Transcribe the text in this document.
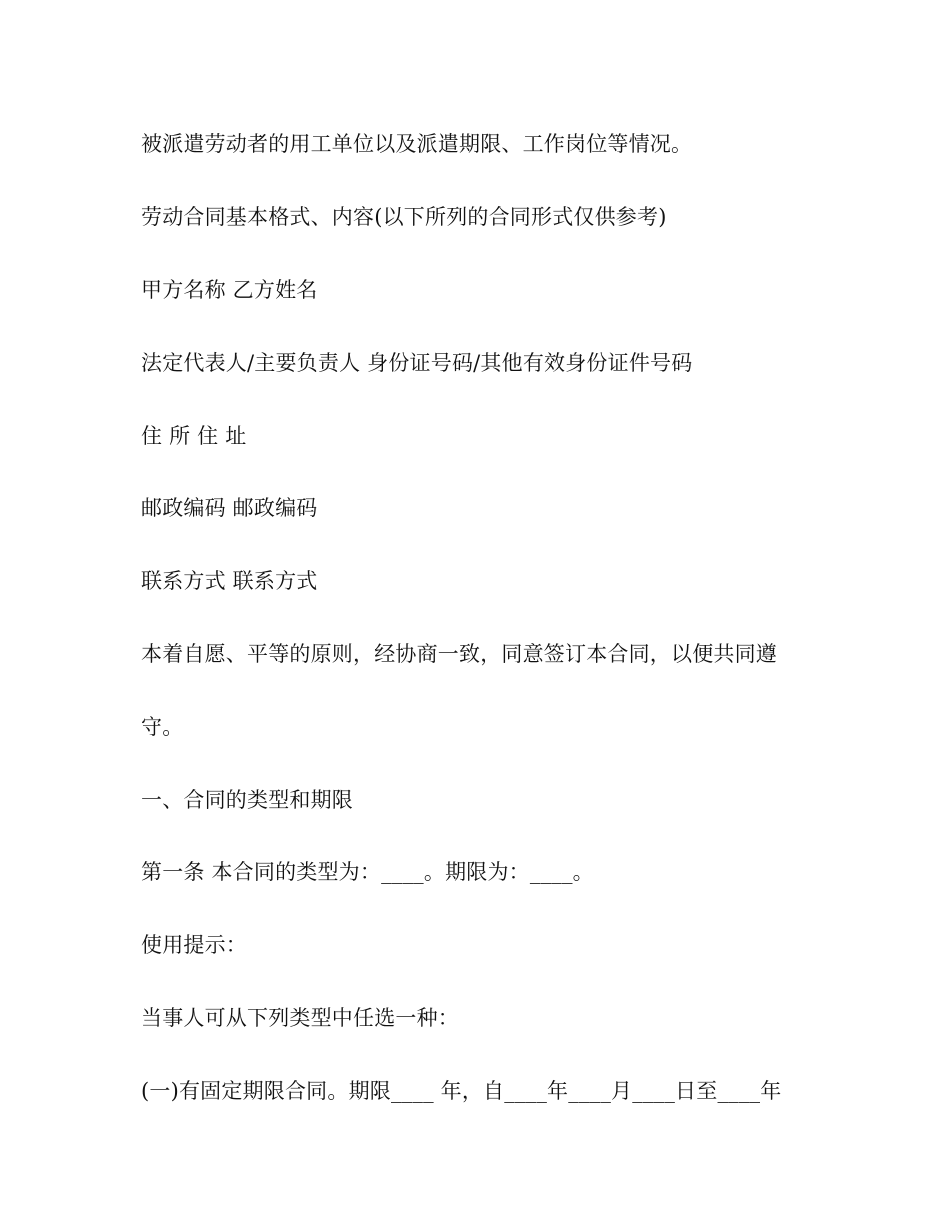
被派遣劳动者的用工单位以及派遣期限、工作岗位等情况。
劳动合同基本格式、内容(以下所列的合同形式仅供参考)
甲方名称 乙方姓名
法定代表人/主要负责人 身份证号码/其他有效身份证件号码
住 所 住 址
邮政编码 邮政编码
联系方式 联系方式
本着自愿、平等的原则，经协商一致，同意签订本合同，以便共同遵
守。
一、合同的类型和期限
第一条 本合同的类型为：____。期限为：____。
使用提示：
当事人可从下列类型中任选一种：
(一)有固定期限合同。期限____ 年，自____年____月____日至____年
